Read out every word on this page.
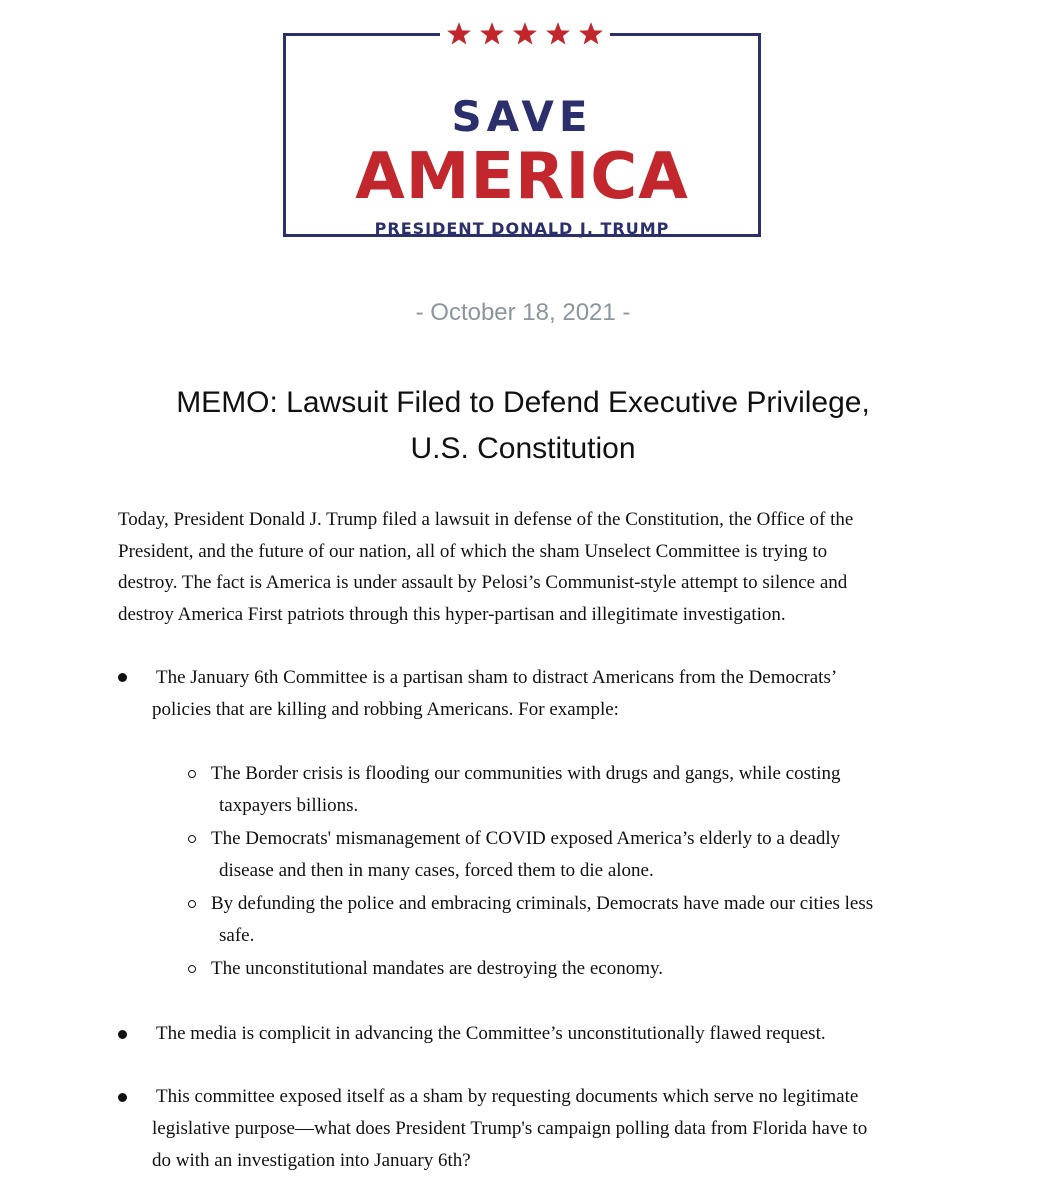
SAVE
AMERICA
PRESIDENT DONALD J. TRUMP
- October 18, 2021 -
MEMO: Lawsuit Filed to Defend Executive Privilege,
U.S. Constitution
Today, President Donald J. Trump filed a lawsuit in defense of the Constitution, the Office of the
President, and the future of our nation, all of which the sham Unselect Committee is trying to
destroy. The fact is America is under assault by Pelosi’s Communist-style attempt to silence and
destroy America First patriots through this hyper-partisan and illegitimate investigation.
The January 6th Committee is a partisan sham to distract Americans from the Democrats’
policies that are killing and robbing Americans. For example:
The Border crisis is flooding our communities with drugs and gangs, while costing
taxpayers billions.
The Democrats' mismanagement of COVID exposed America’s elderly to a deadly
disease and then in many cases, forced them to die alone.
By defunding the police and embracing criminals, Democrats have made our cities less
safe.
The unconstitutional mandates are destroying the economy.
The media is complicit in advancing the Committee’s unconstitutionally flawed request.
This committee exposed itself as a sham by requesting documents which serve no legitimate
legislative purpose—what does President Trump's campaign polling data from Florida have to
do with an investigation into January 6th?
